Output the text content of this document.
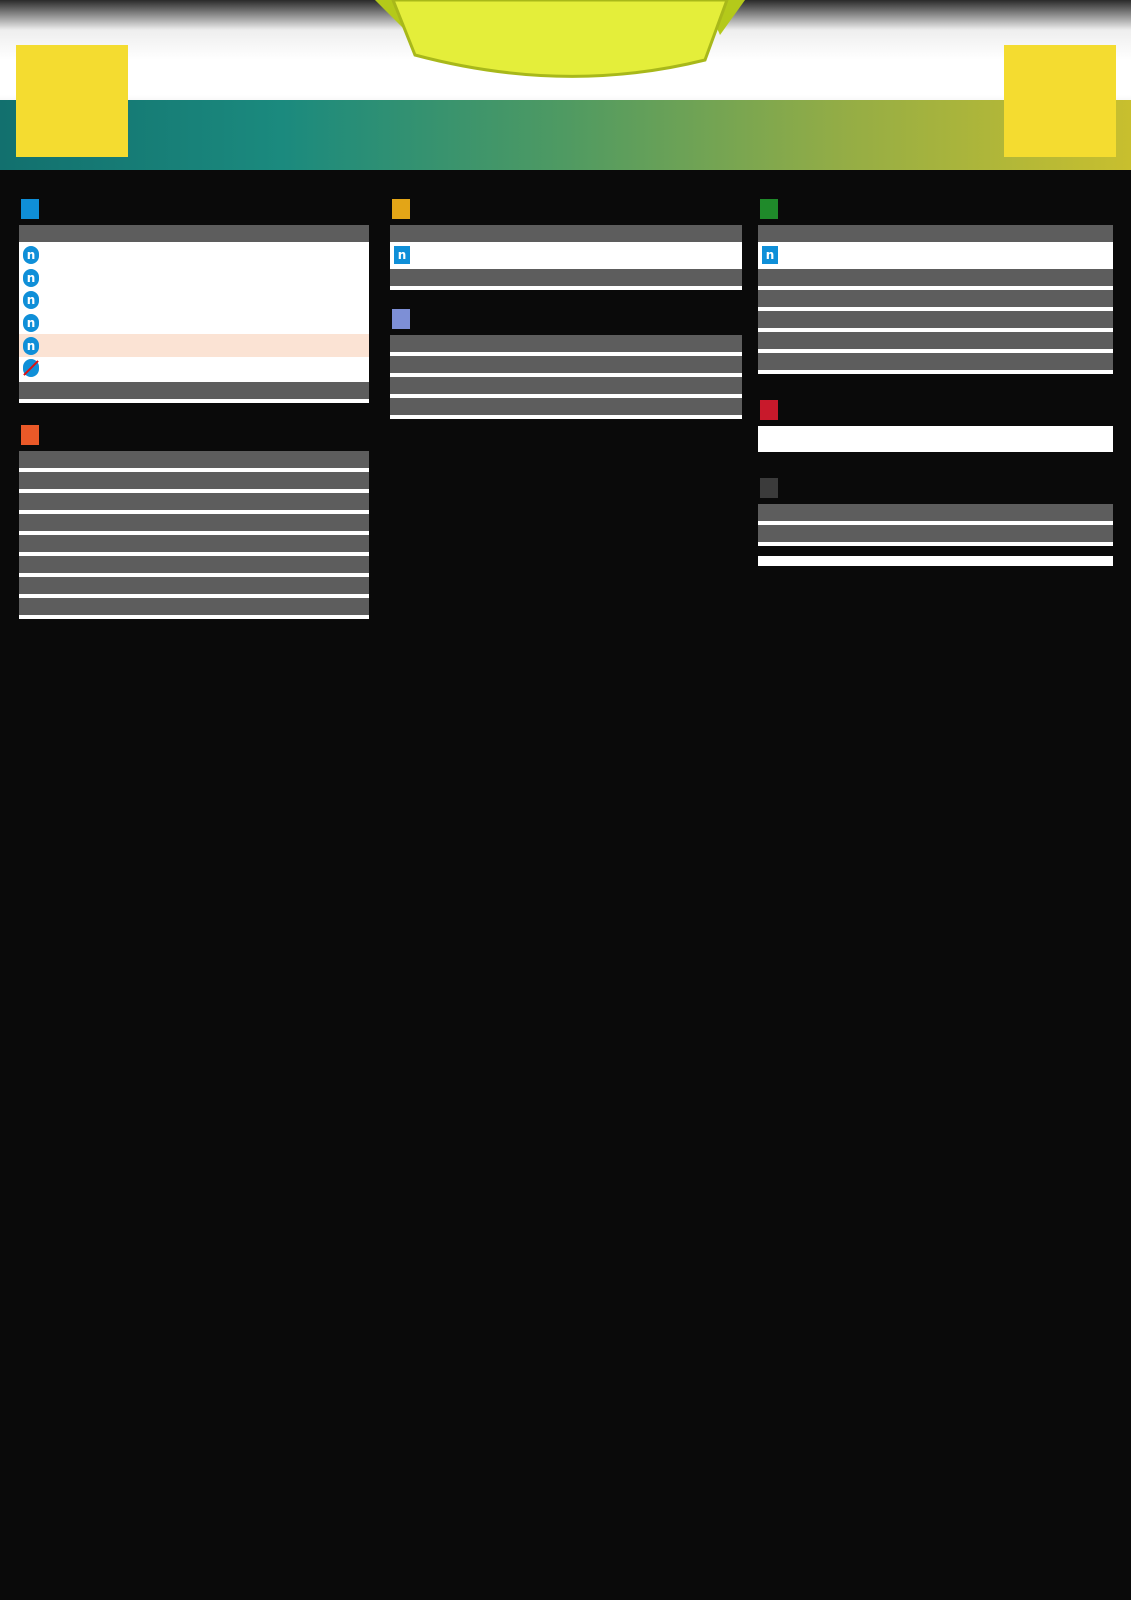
n
n
n
n
n
n	n
